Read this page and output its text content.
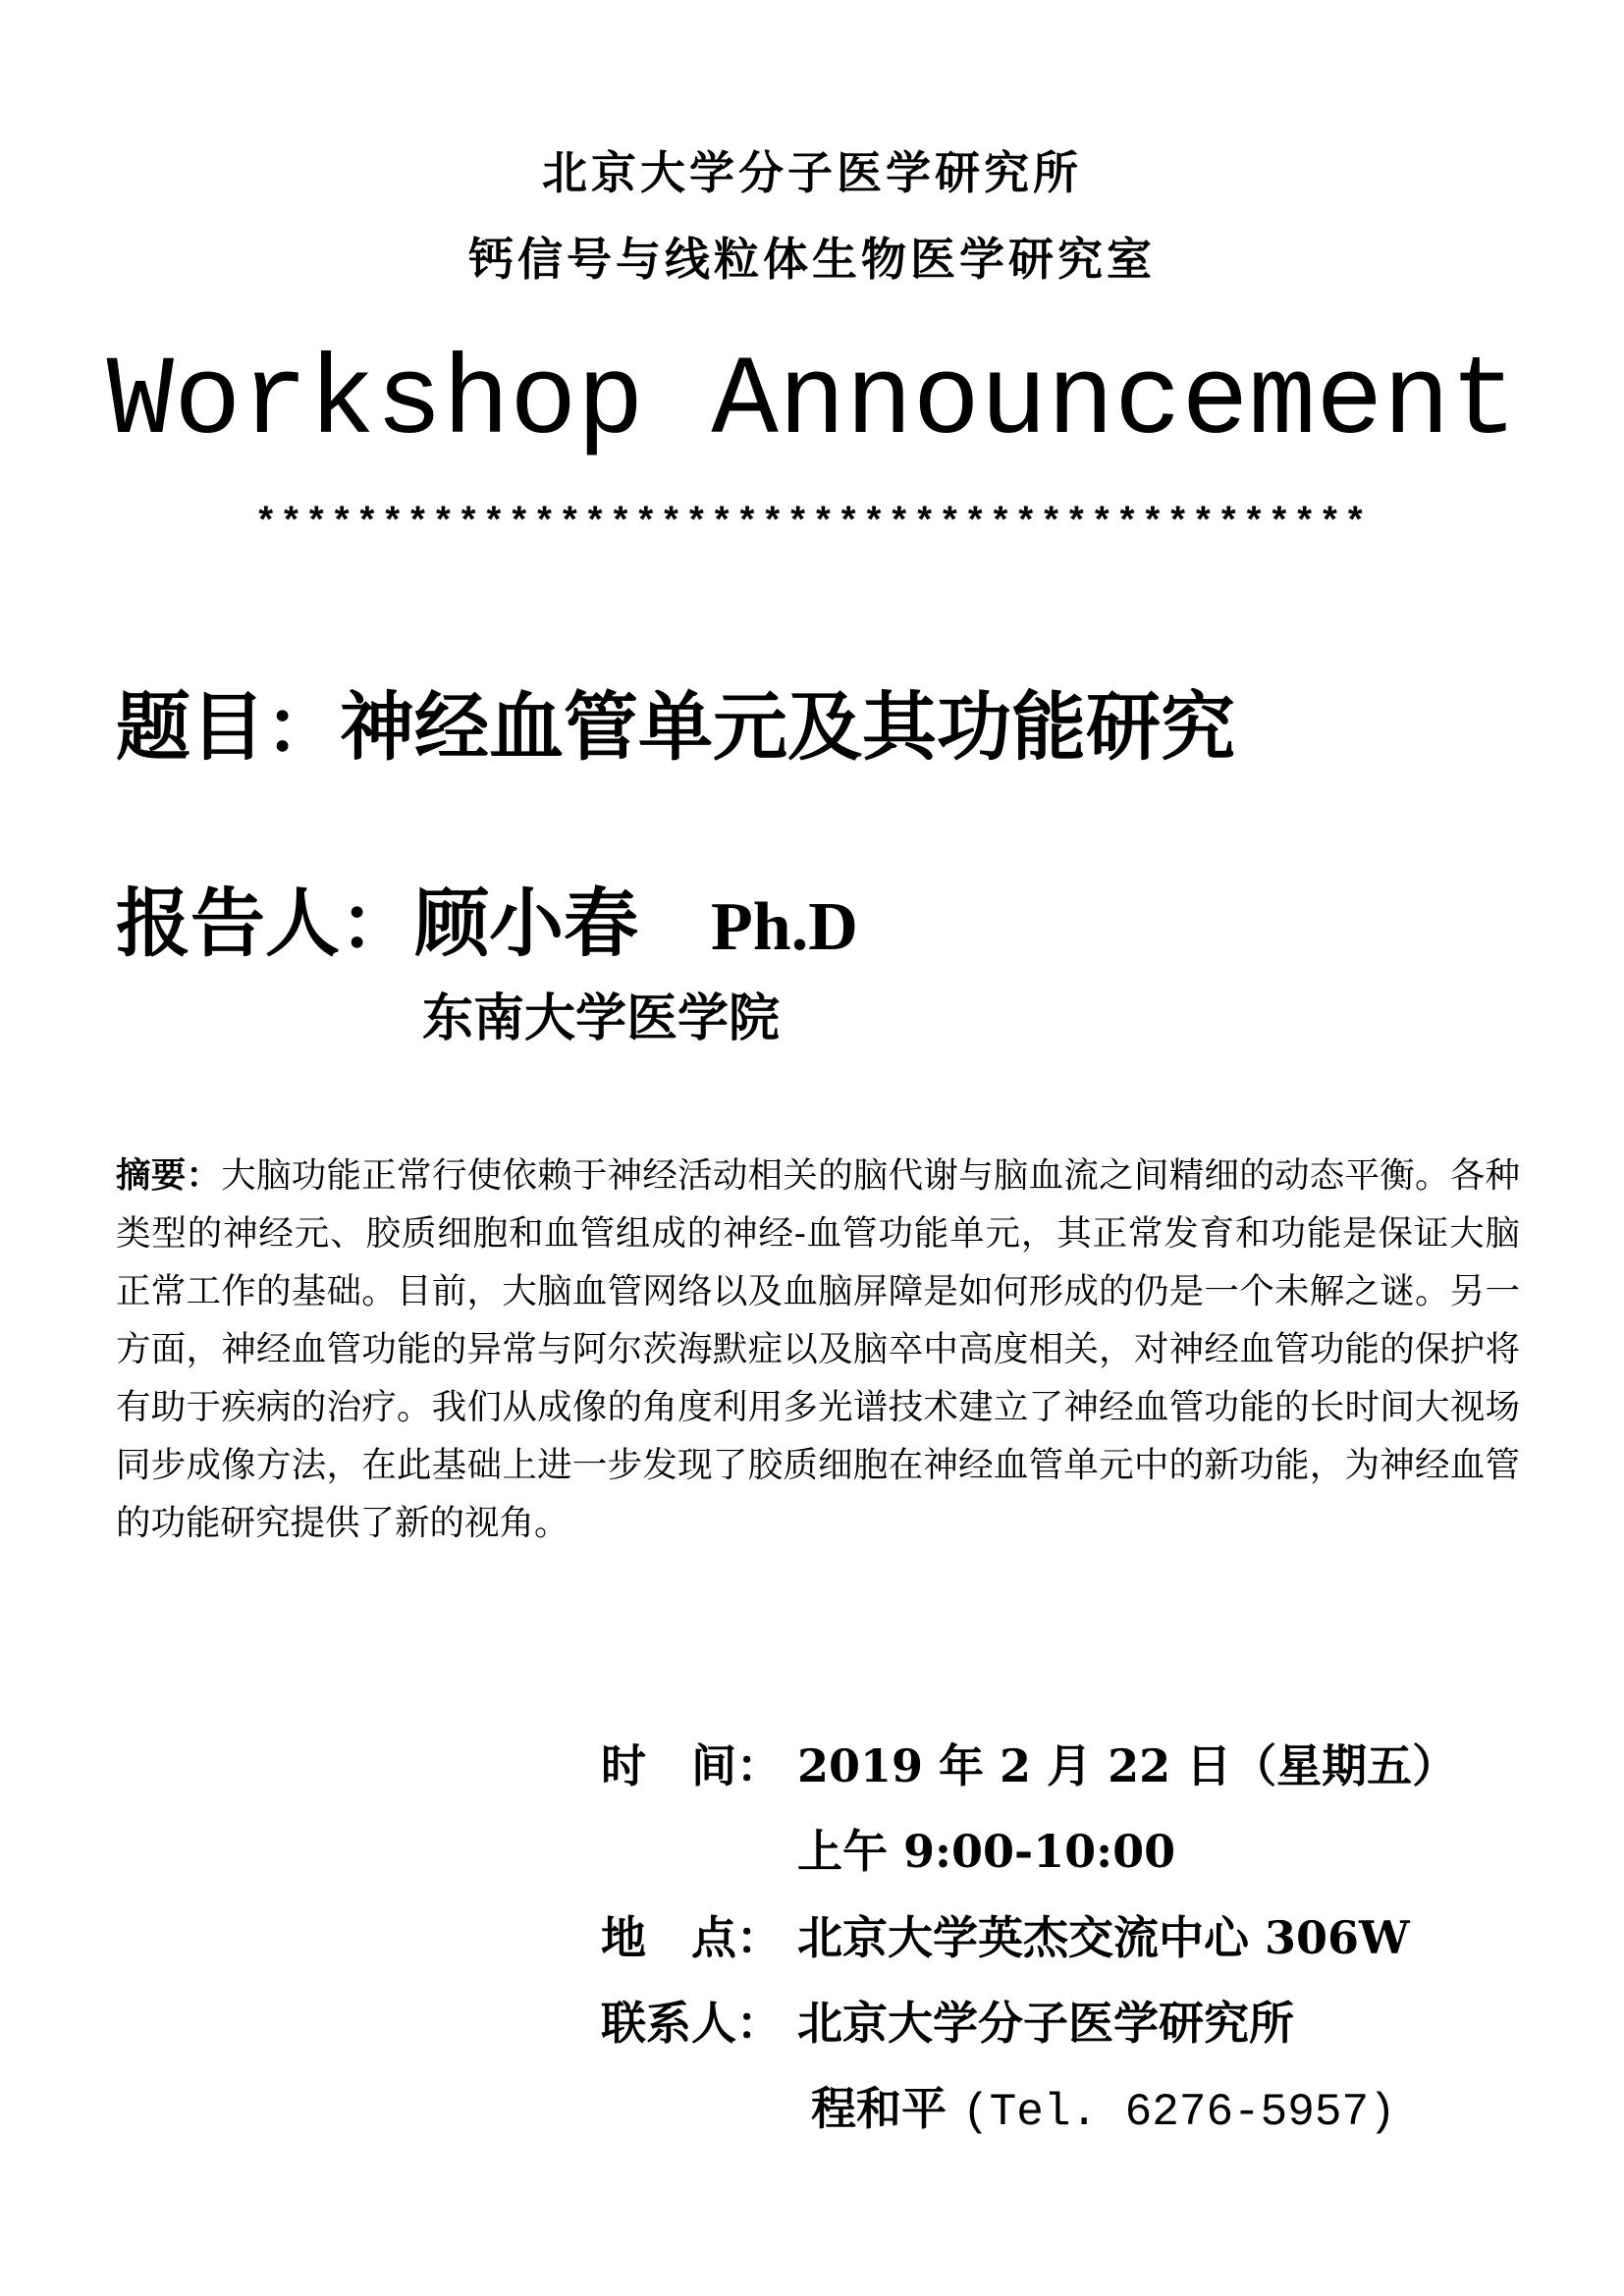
北京大学分子医学研究所
钙信号与线粒体生物医学研究室
Workshop Announcement
********************************************
题目：神经血管单元及其功能研究
报告人：顾小春 Ph.D
东南大学医学院
摘要：大脑功能正常行使依赖于神经活动相关的脑代谢与脑血流之间精细的动态平衡。各种类型的神经元、胶质细胞和血管组成的神经-血管功能单元，其正常发育和功能是保证大脑正常工作的基础。目前，大脑血管网络以及血脑屏障是如何形成的仍是一个未解之谜。另一方面，神经血管功能的异常与阿尔茨海默症以及脑卒中高度相关，对神经血管功能的保护将有助于疾病的治疗。我们从成像的角度利用多光谱技术建立了神经血管功能的长时间大视场同步成像方法，在此基础上进一步发现了胶质细胞在神经血管单元中的新功能，为神经血管的功能研究提供了新的视角。
时　间： 2019 年 2 月 22 日（星期五）
上午 9:00-10:00
地　点： 北京大学英杰交流中心 306W
联系人： 北京大学分子医学研究所
程和平 (Tel. 6276-5957)
